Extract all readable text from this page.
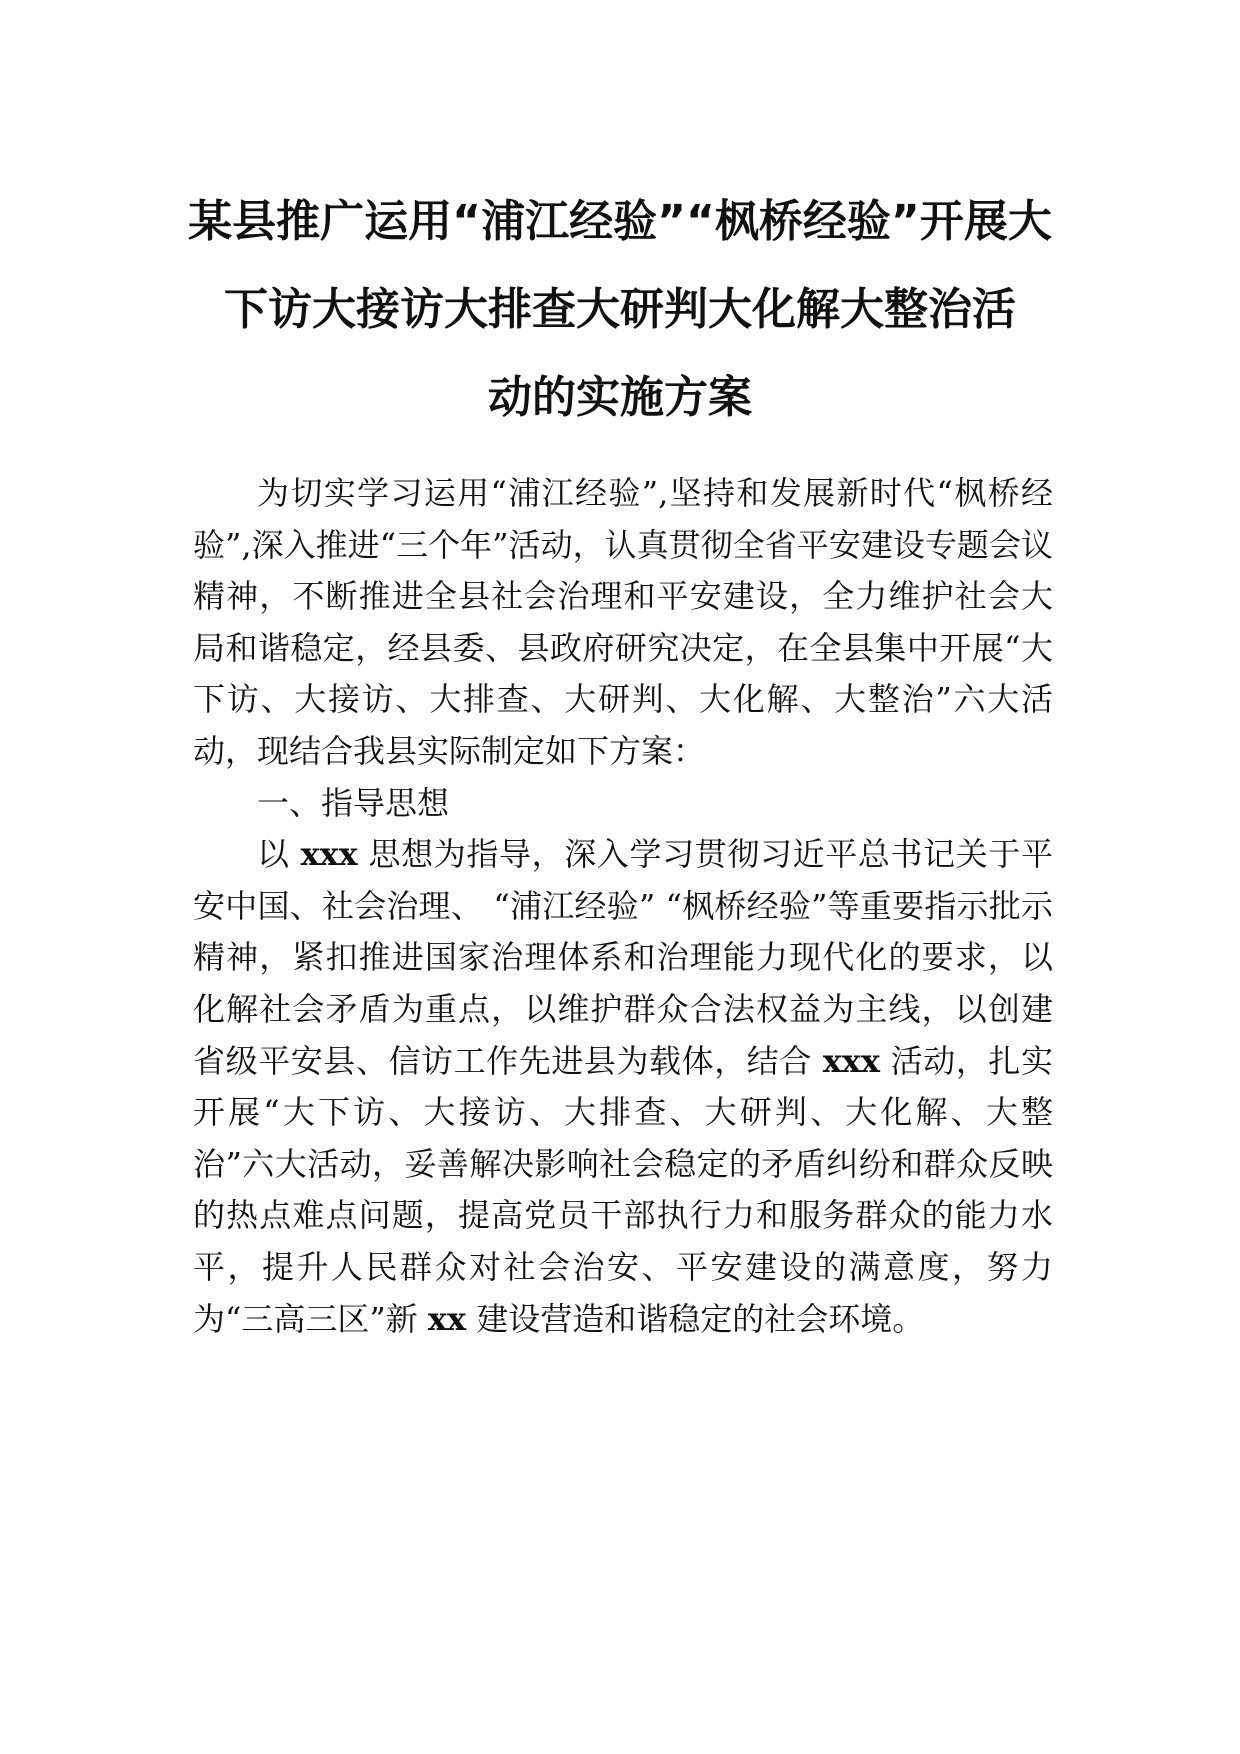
某县推广运用“浦江经验”“枫桥经验”开展大
下访大接访大排查大研判大化解大整治活
动的实施方案

为切实学习运用“浦江经验”,坚持和发展新时代“枫桥经验”,深入推进“三个年”活动，认真贯彻全省平安建设专题会议精神，不断推进全县社会治理和平安建设，全力维护社会大局和谐稳定，经县委、县政府研究决定，在全县集中开展“大下访、大接访、大排查、大研判、大化解、大整治”六大活动，现结合我县实际制定如下方案：

一、指导思想

以 xxx 思想为指导，深入学习贯彻习近平总书记关于平安中国、社会治理、 “浦江经验” “枫桥经验”等重要指示批示精神，紧扣推进国家治理体系和治理能力现代化的要求，以化解社会矛盾为重点，以维护群众合法权益为主线，以创建省级平安县、信访工作先进县为载体，结合 xxx 活动，扎实开展“大下访、大接访、大排查、大研判、大化解、大整治”六大活动，妥善解决影响社会稳定的矛盾纠纷和群众反映的热点难点问题，提高党员干部执行力和服务群众的能力水平，提升人民群众对社会治安、平安建设的满意度，努力为“三高三区”新 xx 建设营造和谐稳定的社会环境。
